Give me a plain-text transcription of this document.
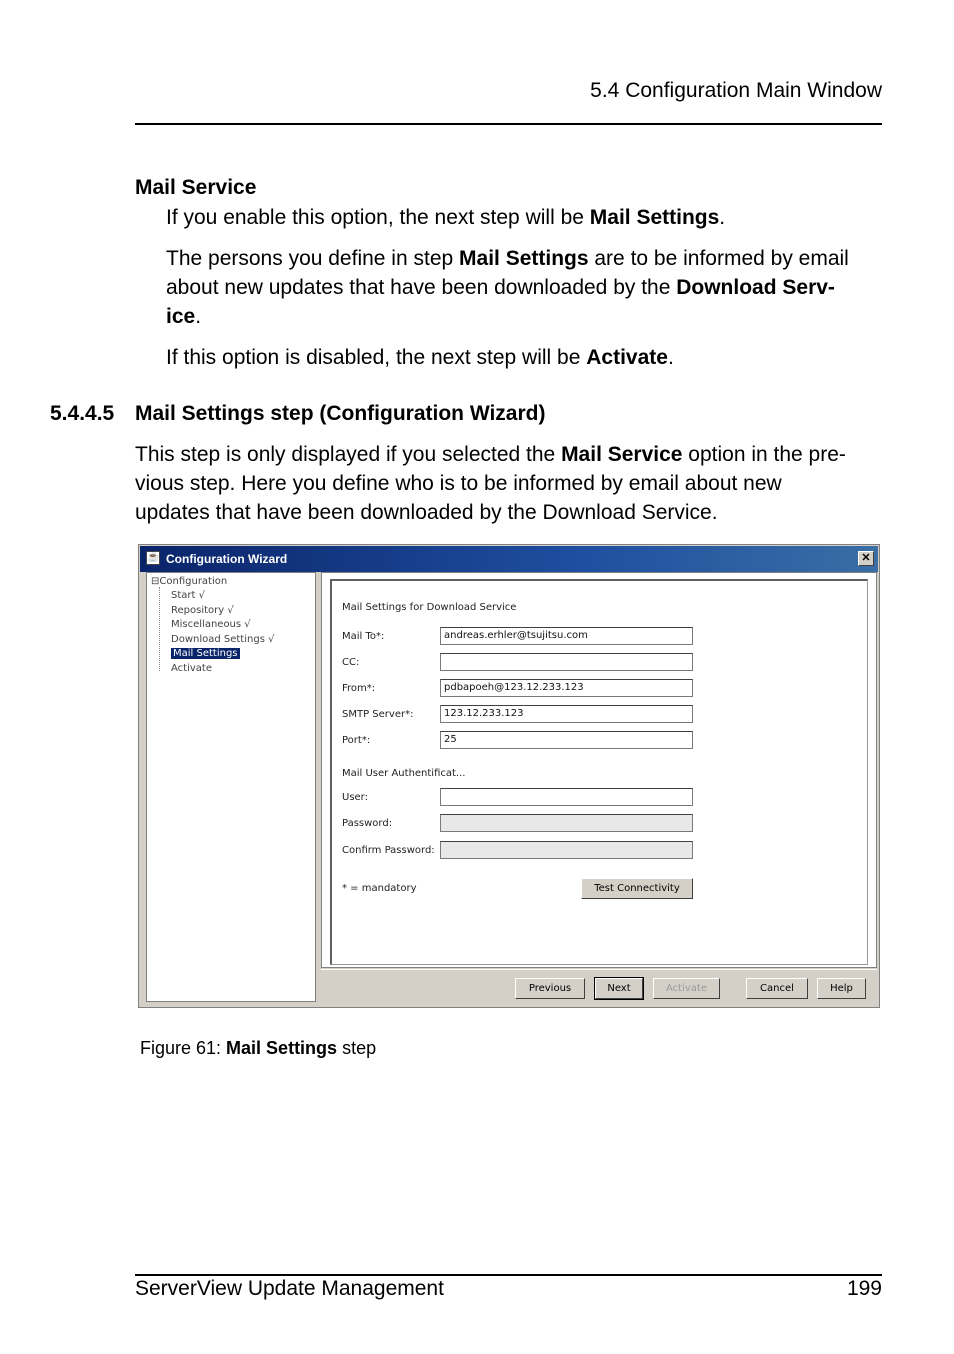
5.4 Configuration Main Window
Mail Service
If you enable this option, the next step will be Mail Settings.
The persons you define in step Mail Settings are to be informed by email
about new updates that have been downloaded by the Download Serv-
ice.
If this option is disabled, the next step will be Activate.
5.4.4.5 Mail Settings step (Configuration Wizard)
This step is only displayed if you selected the Mail Service option in the pre-
vious step. Here you define who is to be informed by email about new
updates that have been downloaded by the Download Service.
☕ Configuration Wizard	✕
⊟Configuration
Start √
Repository √
Miscellaneous √
Download Settings √
Mail Settings
Activate
Mail Settings for Download Service
Mail To*:	andreas.erhler@tsujitsu.com
CC:
From*:	pdbapoeh@123.12.233.123
SMTP Server*:	123.12.233.123
Port*:	25
Mail User Authentificat...
User:
Password:
Confirm Password:
* = mandatory	Test Connectivity
Previous	Next	Activate	Cancel	Help
Figure 61: Mail Settings step
ServerView Update Management	199
